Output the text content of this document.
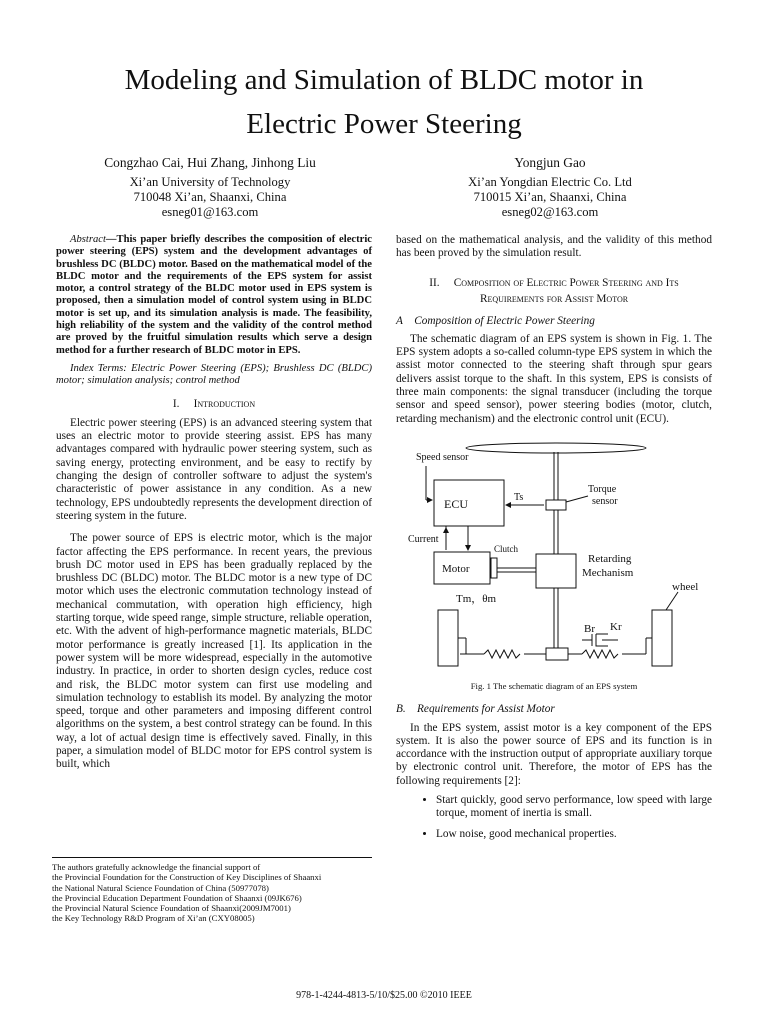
Modeling and Simulation of BLDC motor in
Electric Power Steering
Congzhao Cai, Hui Zhang, Jinhong Liu
Xi’an University of Technology
710048 Xi’an, Shaanxi, China
esneg01@163.com
Yongjun Gao
Xi’an Yongdian Electric Co. Ltd
710015 Xi’an, Shaanxi, China
esneg02@163.com

Abstract—This paper briefly describes the composition of electric power steering (EPS) system and the development advantages of brushless DC (BLDC) motor. Based on the mathematical model of the BLDC motor and the requirements of the EPS system for assist motor, a control strategy of the BLDC motor used in EPS system is proposed, then a simulation model of control system using in BLDC motor is set up, and its simulation analysis is made. The feasibility, high reliability of the system and the validity of the control method are proved by the fruitful simulation results which serve a design method for a further research of BLDC motor in EPS.

Index Terms: Electric Power Steering (EPS); Brushless DC (BLDC) motor; simulation analysis; control method

I. Introduction

Electric power steering (EPS) is an advanced steering system that uses an electric motor to provide steering assist. EPS has many advantages compared with hydraulic power steering system, such as saving energy, protecting environment, and be easy to rectify by changing the design of controller software to adjust the system's characteristic of power assistance in any condition. As a new technology, EPS undoubtedly represents the development direction of steering system in the future.

The power source of EPS is electric motor, which is the major factor affecting the EPS performance. In recent years, the previous brush DC motor used in EPS has been gradually replaced by the brushless DC (BLDC) motor. The BLDC motor is a new type of DC motor which uses the electronic commutation technology instead of mechanical commutation, with operation high efficiency, high starting torque, wide speed range, simple structure, reliable operation, etc. With the advent of high-performance magnetic materials, BLDC motor performance is greatly increased [1]. Its application in the power system will be more widespread, especially in the automotive industry. In practice, in order to shorten design cycles, reduce cost and risk, the BLDC motor system can first use modeling and simulation technology to establish its model. By analyzing the motor speed, torque and other parameters and imposing different control algorithms on the system, a best control strategy can be found. In this way, a lot of actual design time is effectively saved. Finally, in this paper, a simulation model of BLDC motor for EPS control system is built, which

The authors gratefully acknowledge the financial support of
the Provincial Foundation for the Construction of Key Disciplines of Shaanxi
the National Natural Science Foundation of China (50977078)
the Provincial Education Department Foundation of Shaanxi (09JK676)
the Provincial Natural Science Foundation of Shaanxi(2009JM7001)
the Key Technology R&D Program of Xi’an (CXY08005)

based on the mathematical analysis, and the validity of this method has been proved by the simulation result.

II. Composition of Electric Power Steering and Its
Requirements for Assist Motor
A Composition of Electric Power Steering

The schematic diagram of an EPS system is shown in Fig. 1. The EPS system adopts a so-called column-type EPS system in which the assist motor connected to the steering shaft through spur gears delivers assist torque to the shaft. In this system, EPS is consists of three main components: the signal transducer (including the torque sensor and speed sensor), power steering bodies (motor, clutch, retarding mechanism) and the electronic control unit (ECU).

Speed sensor
ECU	Ts
Torque
sensor
Current
Clutch
Retarding
Mechanism
Motor
Tm，θm
wheel
Br Kr
Fig. 1 The schematic diagram of an EPS system
B. Requirements for Assist Motor

In the EPS system, assist motor is a key component of the EPS system. It is also the power source of EPS and its function is in accordance with the instruction output of appropriate auxiliary torque by electronic control unit. Therefore, the motor of EPS has the following requirements [2]:

• Start quickly, good servo performance, low speed with large torque, moment of inertia is small.
• Low noise, good mechanical properties.
978-1-4244-4813-5/10/$25.00 ©2010 IEEE
